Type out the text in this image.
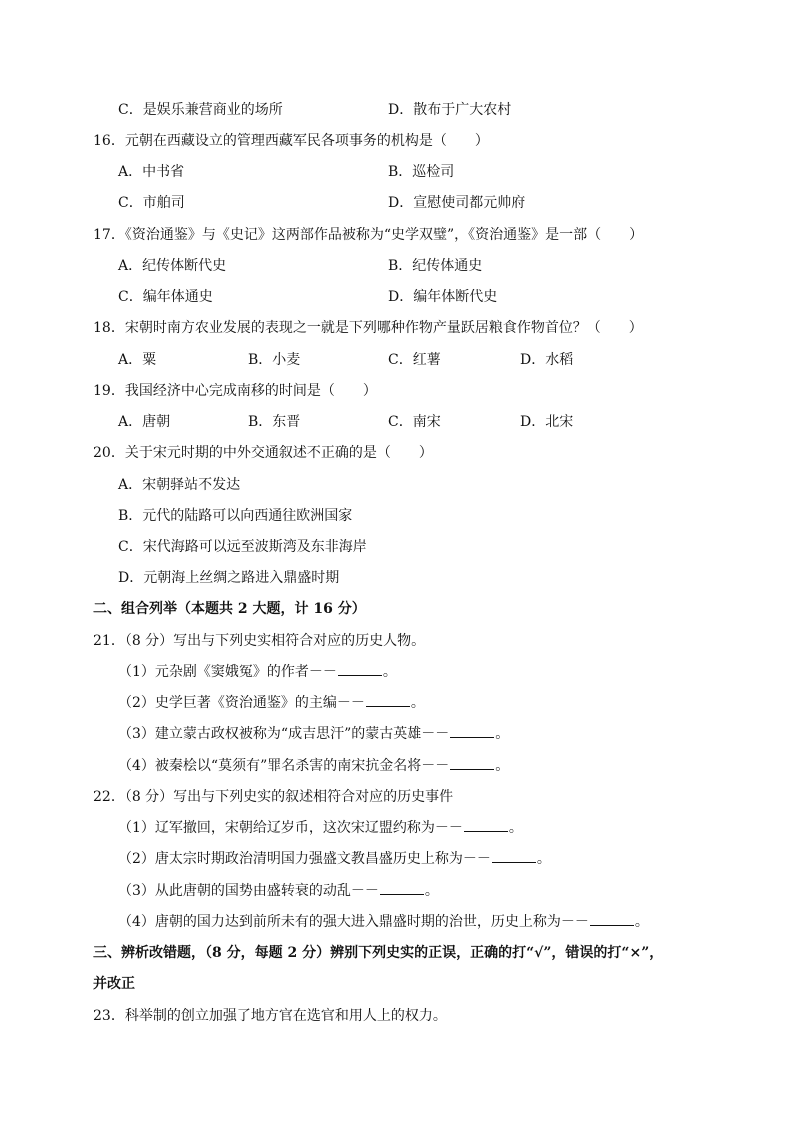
C．是娱乐兼营商业的场所	D．散布于广大农村
16．元朝在西藏设立的管理西藏军民各项事务的机构是（　　）
A．中书省	B．巡检司
C．市舶司	D．宣慰使司都元帅府
17．《资治通鉴》与《史记》这两部作品被称为“史学双璧”，《资治通鉴》是一部（　　）
A．纪传体断代史	B．纪传体通史
C．编年体通史	D．编年体断代史
18．宋朝时南方农业发展的表现之一就是下列哪种作物产量跃居粮食作物首位？（　　）
A．粟	B．小麦	C．红薯	D．水稻
19．我国经济中心完成南移的时间是（　　）
A．唐朝	B．东晋	C．南宋	D．北宋
20．关于宋元时期的中外交通叙述不正确的是（　　）
A．宋朝驿站不发达
B．元代的陆路可以向西通往欧洲国家
C．宋代海路可以远至波斯湾及东非海岸
D．元朝海上丝绸之路进入鼎盛时期
二、组合列举（本题共 2 大题，计 16 分）
21．（8 分）写出与下列史实相符合对应的历史人物。
（1）元杂剧《窦娥冤》的作者－－	。
（2）史学巨著《资治通鉴》的主编－－	。
（3）建立蒙古政权被称为“成吉思汗”的蒙古英雄－－	。
（4）被秦桧以“莫须有”罪名杀害的南宋抗金名将－－	。
22．（8 分）写出与下列史实的叙述相符合对应的历史事件
（1）辽军撤回，宋朝给辽岁币，这次宋辽盟约称为－－	。
（2）唐太宗时期政治清明国力强盛文教昌盛历史上称为－－	。
（3）从此唐朝的国势由盛转衰的动乱－－	。
（4）唐朝的国力达到前所未有的强大进入鼎盛时期的治世，历史上称为－－	。
三、辨析改错题，（8 分，每题 2 分）辨别下列史实的正误，正确的打“√”，错误的打“×”，
并改正
23．科举制的创立加强了地方官在选官和用人上的权力。
